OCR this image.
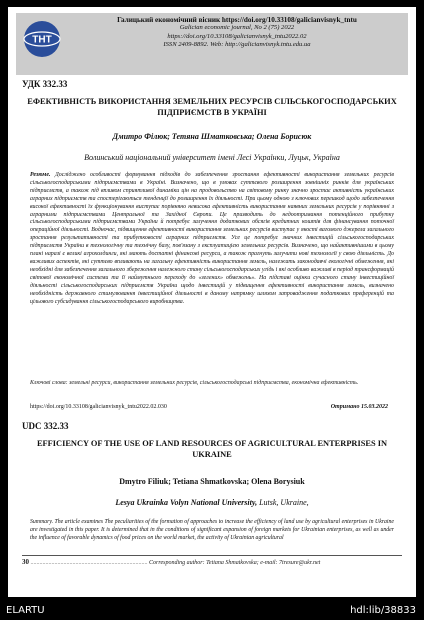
ТНТ
Галицький економічний вісник https://doi.org/10.33108/galicianvisnyk_tntu
Galician economic journal, No 2 (75) 2022
https://doi.org/10.33108/galicianvisnyk_tntu2022.02
ISSN 2409-8892. Web: http://galicianvisnyk.tntu.edu.ua
УДК 332.33
ЕФЕКТИВНІСТЬ ВИКОРИСТАННЯ ЗЕМЕЛЬНИХ РЕСУРСІВ СІЛЬСЬКОГОСПОДАРСЬКИХ ПІДПРИЄМСТВ В УКРАЇНІ
Дмитро Філюк; Тетяна Шматковська; Олена Борисюк
Волинський національний університет імені Лесі Українки, Луцьк, Україна
Резюме. Досліджено особливості формування підходів до забезпечення зростання ефективності використання земельних ресурсів сільськогосподарськими підприємствами в Україні. Визначено, що в умовах суттєвого розширення зовнішніх ринків для українських підприємств, а також під впливом сприятливої динаміки цін на продовольство на світовому ринку значно зростає активність українських аграрних підприємств та спостерігаються тенденції до розширення їх діяльності. При цьому одною з ключових перешкод щодо забезпечення високої ефективності їх функціонування виступає порівняно невисока ефективність використання наявних земельних ресурсів у порівнянні з аграрними підприємствами Центральної та Західної Європи. Це призводить до недоотримання потенційного прибутку сільськогосподарськими підприємствами України й потребує залучення додаткових обсягів кредитних коштів для фінансування поточної операційної діяльності. Водночас, підвищення ефективності використання земельних ресурсів виступає у якості вагомого джерела загального зростання результативності та прибутковості аграрних підприємств. Усе це потребує значних інвестицій сільськогосподарських підприємств України в технологічну та технічну базу, пов'язану з експлуатацією земельних ресурсів. Визначено, що найактивнішими в цьому плані наразі є великі агрохолдинги, які мають достатні фінансові ресурси, а також прагнуть залучити нові технології у свою діяльність. До важливих аспектів, які суттєво впливають на загальну ефективність використання земель, належать законодавчі екологічні обмеження, які необхідні для забезпечення загального збереження належного стану сільськогосподарських угідь і які особливо важливі в період трансформацій світової економічної системи та її наймутнього переходу до «зелених» обмежень». На підставі оцінки сучасного стану інвестиційної діяльності сільськогосподарських підприємств України щодо інвестицій у підвищення ефективності використання земель, визначено необхідність державного стимулювання інвестиційної діяльності в даному напрямку шляхом запровадження податкових преференцій та цільового субсидування сільськогосподарського виробництва.
Ключові слова: земельні ресурси, використання земельних ресурсів, сільськогосподарські підприємства, економічна ефективність.
https://doi.org/10.33108/galicianvisnyk_tntu2022.02.030	Отримано 15.03.2022
UDC 332.33
EFFICIENCY OF THE USE OF LAND RESOURCES OF AGRICULTURAL ENTERPRISES IN UKRAINE
Dmytro Filiuk; Tetiana Shmatkovska; Olena Borysiuk
Lesya Ukrainka Volyn National University, Lutsk, Ukraine,
Summary. The article examines The peculiarities of the formation of approaches to increase the efficiency of land use by agricultural enterprises in Ukraine are investigated in this paper. It is determined that in the conditions of significant expansion of foreign markets for Ukrainian enterprises, as well as under the influence of favorable dynamics of food prices on the world market, the activity of Ukrainian agricultural
30 .............................................................................. Corresponding author: Tetiana Shmatkovska; e-mail: 7tresure@ukr.net
ELARTU	hdl:lib/38833
